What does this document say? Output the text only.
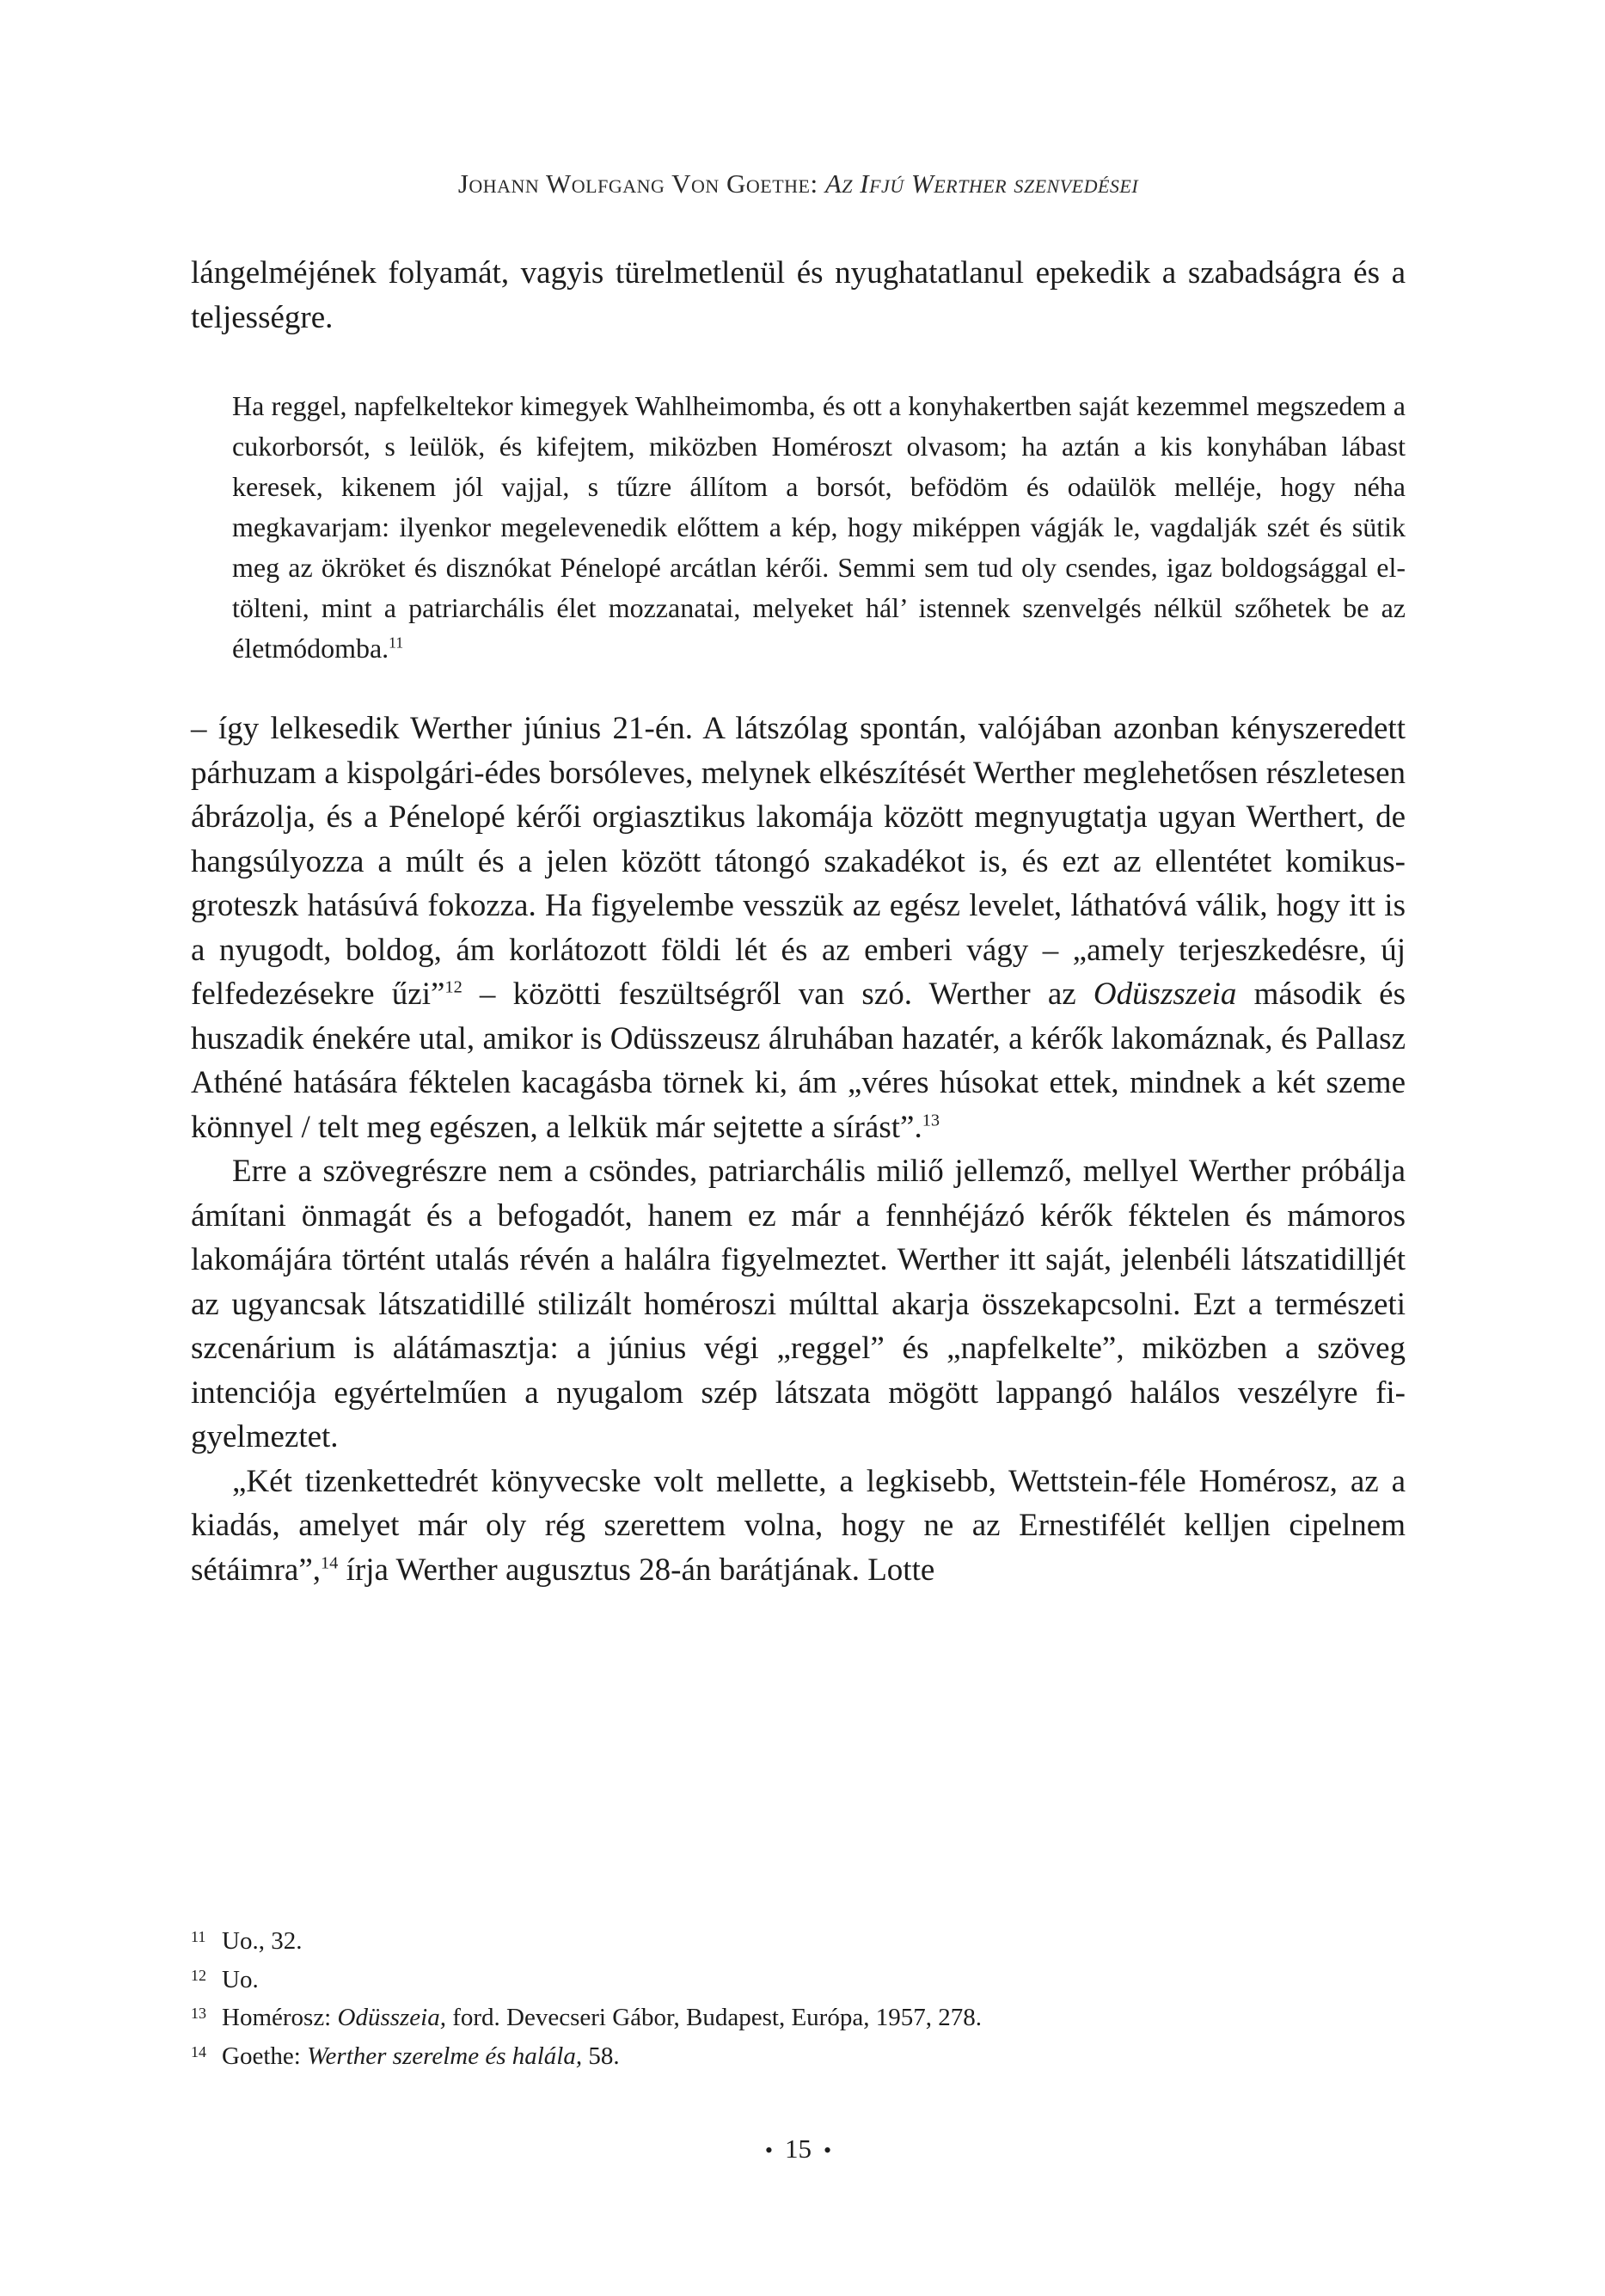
Johann Wolfgang Von Goethe: Az Ifjú Werther szenvedései

lángelméjének folyamát, vagyis türelmetlenül és nyughatatlanul epekedik a szabadságra és a teljességre.

Ha reggel, napfelkeltekor kimegyek Wahlheimomba, és ott a konyhakertben saját kezemmel megszedem a cukorborsót, s leülök, és kifejtem, miközben Homéroszt olvasom; ha aztán a kis konyhában lábast keresek, kikenem jól vajjal, s tűzre állítom a borsót, befödöm és odaülök melléje, hogy néha megkavarjam: ilyenkor megelevenedik előttem a kép, hogy miképpen vágják le, vagdalják szét és sütik meg az ökröket és disznókat Pénelopé arcátlan kérői. Semmi sem tud oly csendes, igaz boldogsággal eltölteni, mint a patriarchális élet mozzanatai, melyeket hál’ istennek szenvelgés nélkül szőhetek be az életmódomba.$^{11}$

– így lelkesedik Werther június 21-én. A látszólag spontán, valójában azonban kényszeredett párhuzam a kispolgári-édes borsóleves, melynek elkészítését Werther meglehetősen részletesen ábrázolja, és a Pénelopé kérői orgiasztikus lakomája között megnyugtatja ugyan Werthert, de hangsúlyozza a múlt és a jelen között tátongó szakadékot is, és ezt az ellentétet komikus-groteszk hatásúvá fokozza. Ha figyelembe vesszük az egész levelet, láthatóvá válik, hogy itt is a nyugodt, boldog, ám korlátozott földi lét és az emberi vágy – „amely terjeszkedésre, új felfedezésekre űzi”$^{12}$ – közötti feszültségről van szó. Werther az Odüszszeia második és huszadik énekére utal, amikor is Odüsszeusz álruhában hazatér, a kérők lakomáznak, és Pallasz Athéné hatására féktelen kacagásba törnek ki, ám „véres húsokat ettek, mindnek a két szeme könnyel / telt meg egészen, a lelkük már sejtette a sírást”.$^{13}$

Erre a szövegrészre nem a csöndes, patriarchális miliő jellemző, mellyel Werther próbálja ámítani önmagát és a befogadót, hanem ez már a fennhéjázó kérők féktelen és mámoros lakomájára történt utalás révén a halálra figyelmeztet. Werther itt saját, jelenbéli látszatidilljét az ugyancsak látszatidillé stilizált homéroszi múlttal akarja összekapcsolni. Ezt a természeti szcenárium is alátámasztja: a június végi „reggel” és „napfelkelte”, miközben a szöveg intenciója egyértelműen a nyugalom szép látszata mögött lappangó halálos veszélyre figyelmeztet.

„Két tizenkettedrét könyvecske volt mellette, a legkisebb, Wettstein-féle Homérosz, az a kiadás, amelyet már oly rég szerettem volna, hogy ne az Ernestifélét kelljen cipelnem sétáimra”,$^{14}$ írja Werther augusztus 28-án barátjának. Lotte

11 Uo., 32.
12 Uo.
13 Homérosz: Odüsszeia, ford. Devecseri Gábor, Budapest, Európa, 1957, 278.
14 Goethe: Werther szerelme és halála, 58.
• 15 •
